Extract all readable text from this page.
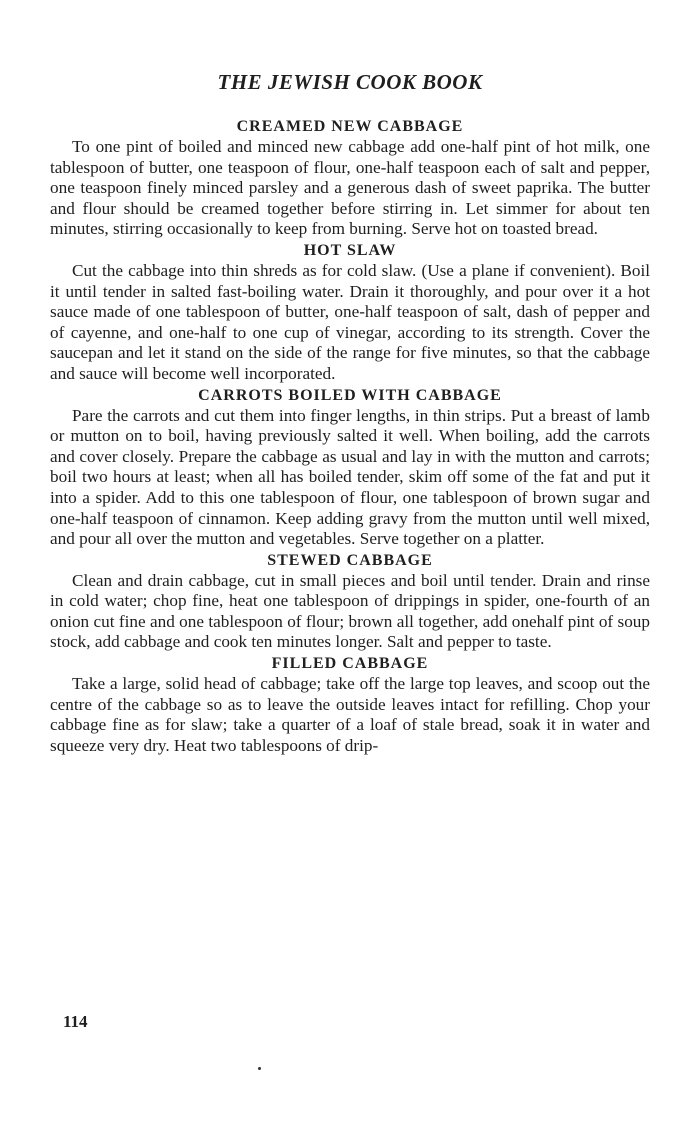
THE JEWISH COOK BOOK
CREAMED NEW CABBAGE

To one pint of boiled and minced new cabbage add one-half pint of hot milk, one tablespoon of butter, one teaspoon of flour, one-half teaspoon each of salt and pepper, one teaspoon finely minced parsley and a generous dash of sweet paprika. The butter and flour should be creamed together before stirring in. Let simmer for about ten minutes, stirring occasionally to keep from burning. Serve hot on toasted bread.

HOT SLAW

Cut the cabbage into thin shreds as for cold slaw. (Use a plane if convenient). Boil it until tender in salted fast-boiling water. Drain it thoroughly, and pour over it a hot sauce made of one tablespoon of butter, one-half teaspoon of salt, dash of pepper and of cayenne, and one-half to one cup of vinegar, according to its strength. Cover the saucepan and let it stand on the side of the range for five minutes, so that the cabbage and sauce will become well incorporated.

CARROTS BOILED WITH CABBAGE

Pare the carrots and cut them into finger lengths, in thin strips. Put a breast of lamb or mutton on to boil, having previously salted it well. When boiling, add the carrots and cover closely. Prepare the cabbage as usual and lay in with the mutton and carrots; boil two hours at least; when all has boiled tender, skim off some of the fat and put it into a spider. Add to this one tablespoon of flour, one tablespoon of brown sugar and one-half teaspoon of cinnamon. Keep adding gravy from the mutton until well mixed, and pour all over the mutton and vegetables. Serve together on a platter.

STEWED CABBAGE

Clean and drain cabbage, cut in small pieces and boil until tender. Drain and rinse in cold water; chop fine, heat one tablespoon of drippings in spider, one-fourth of an onion cut fine and one tablespoon of flour; brown all together, add onehalf pint of soup stock, add cabbage and cook ten minutes longer. Salt and pepper to taste.

FILLED CABBAGE

Take a large, solid head of cabbage; take off the large top leaves, and scoop out the centre of the cabbage so as to leave the outside leaves intact for refilling. Chop your cabbage fine as for slaw; take a quarter of a loaf of stale bread, soak it in water and squeeze very dry. Heat two tablespoons of drip-

114
